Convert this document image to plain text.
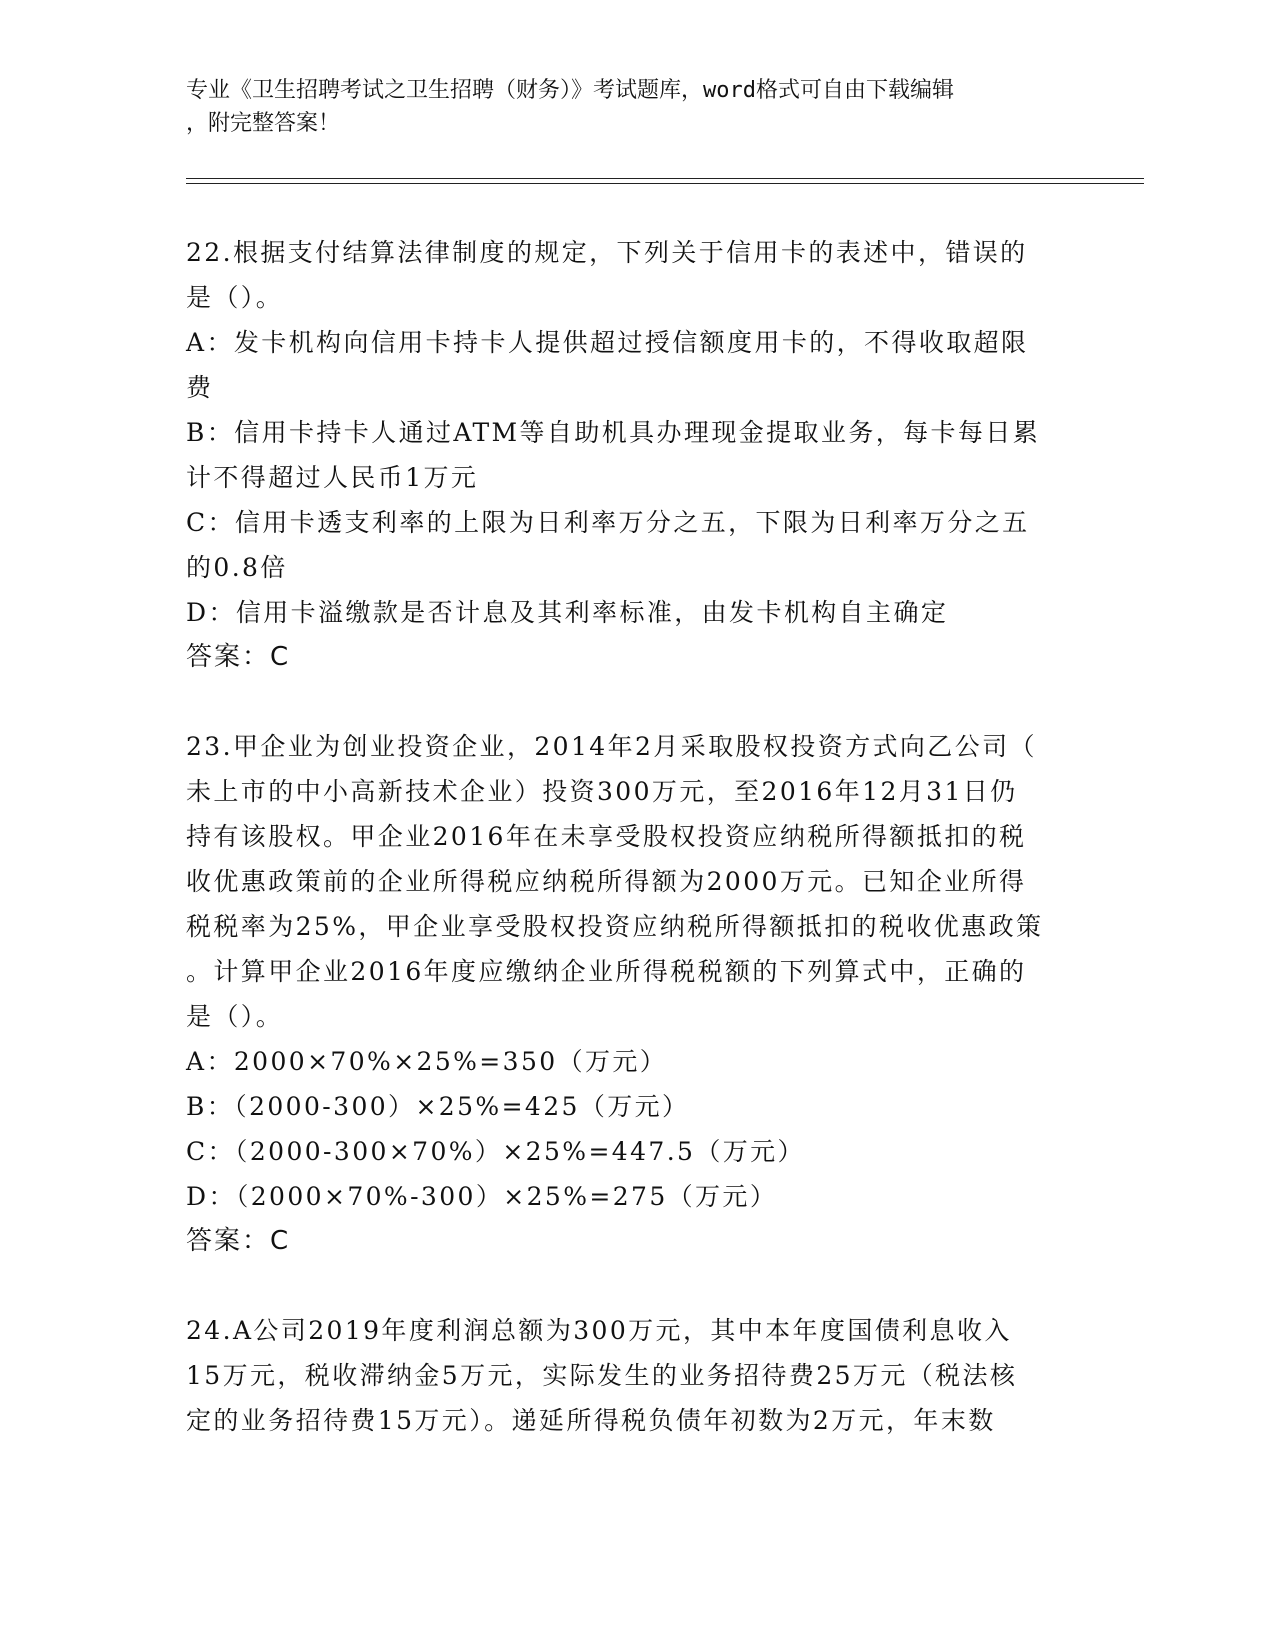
专业《卫生招聘考试之卫生招聘（财务）》考试题库，word格式可自由下载编辑
，附完整答案！
22.根据支付结算法律制度的规定，下列关于信用卡的表述中，错误的
是（）。
A：发卡机构向信用卡持卡人提供超过授信额度用卡的，不得收取超限
费
B：信用卡持卡人通过ATM等自助机具办理现金提取业务，每卡每日累
计不得超过人民币1万元
C：信用卡透支利率的上限为日利率万分之五，下限为日利率万分之五
的0.8倍
D：信用卡溢缴款是否计息及其利率标准，由发卡机构自主确定
答案：C
23.甲企业为创业投资企业，2014年2月采取股权投资方式向乙公司（
未上市的中小高新技术企业）投资300万元，至2016年12月31日仍
持有该股权。甲企业2016年在未享受股权投资应纳税所得额抵扣的税
收优惠政策前的企业所得税应纳税所得额为2000万元。已知企业所得
税税率为25%，甲企业享受股权投资应纳税所得额抵扣的税收优惠政策
。计算甲企业2016年度应缴纳企业所得税税额的下列算式中，正确的
是（）。
A：2000×70%×25%=350（万元）
B：（2000-300）×25%=425（万元）
C：（2000-300×70%）×25%=447.5（万元）
D：（2000×70%-300）×25%=275（万元）
答案：C
24.A公司2019年度利润总额为300万元，其中本年度国债利息收入
15万元，税收滞纳金5万元，实际发生的业务招待费25万元（税法核
定的业务招待费15万元）。递延所得税负债年初数为2万元，年末数
